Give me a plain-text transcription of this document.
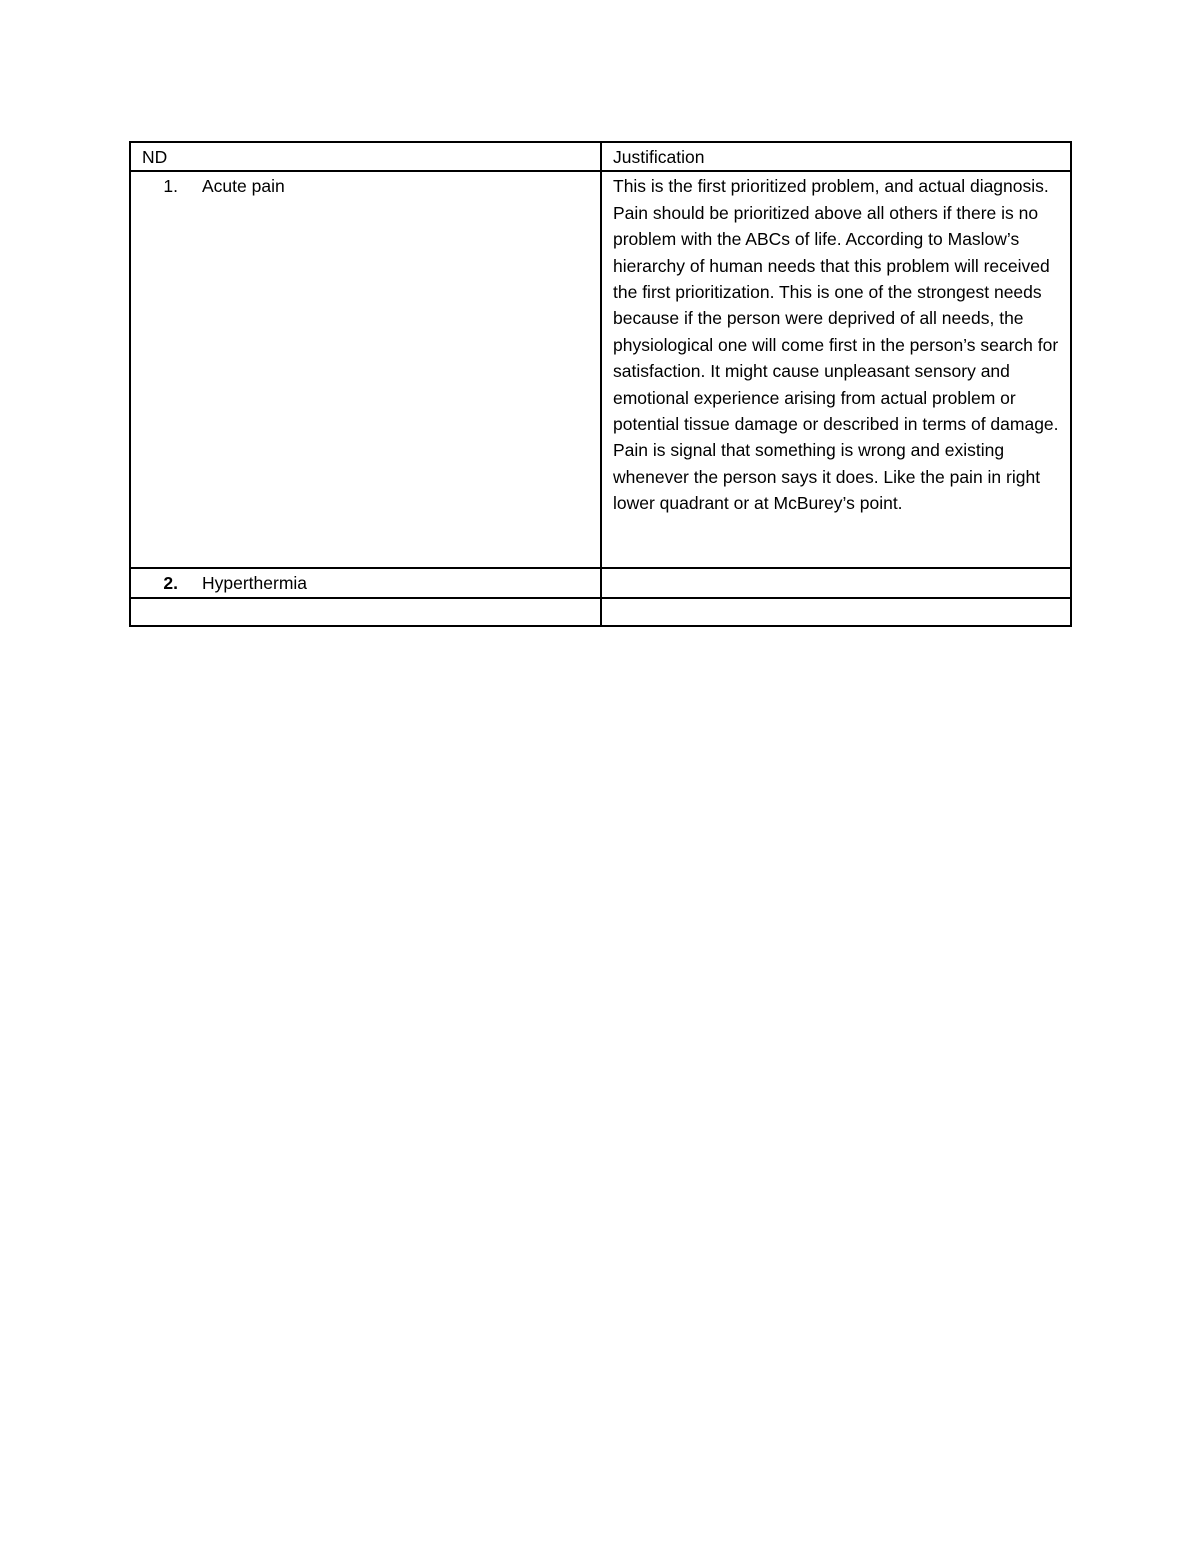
ND	Justification

1. Acute pain	This is the first prioritized problem, and actual diagnosis. Pain should be prioritized above all others if there is no problem with the ABCs of life. According to Maslow’s hierarchy of human needs that this problem will received the first prioritization. This is one of the strongest needs because if the person were deprived of all needs, the physiological one will come first in the person’s search for satisfaction. It might cause unpleasant sensory and emotional experience arising from actual problem or potential tissue damage or described in terms of damage. Pain is signal that something is wrong and existing whenever the person says it does. Like the pain in right lower quadrant or at McBurey’s point.

2. Hyperthermia	
